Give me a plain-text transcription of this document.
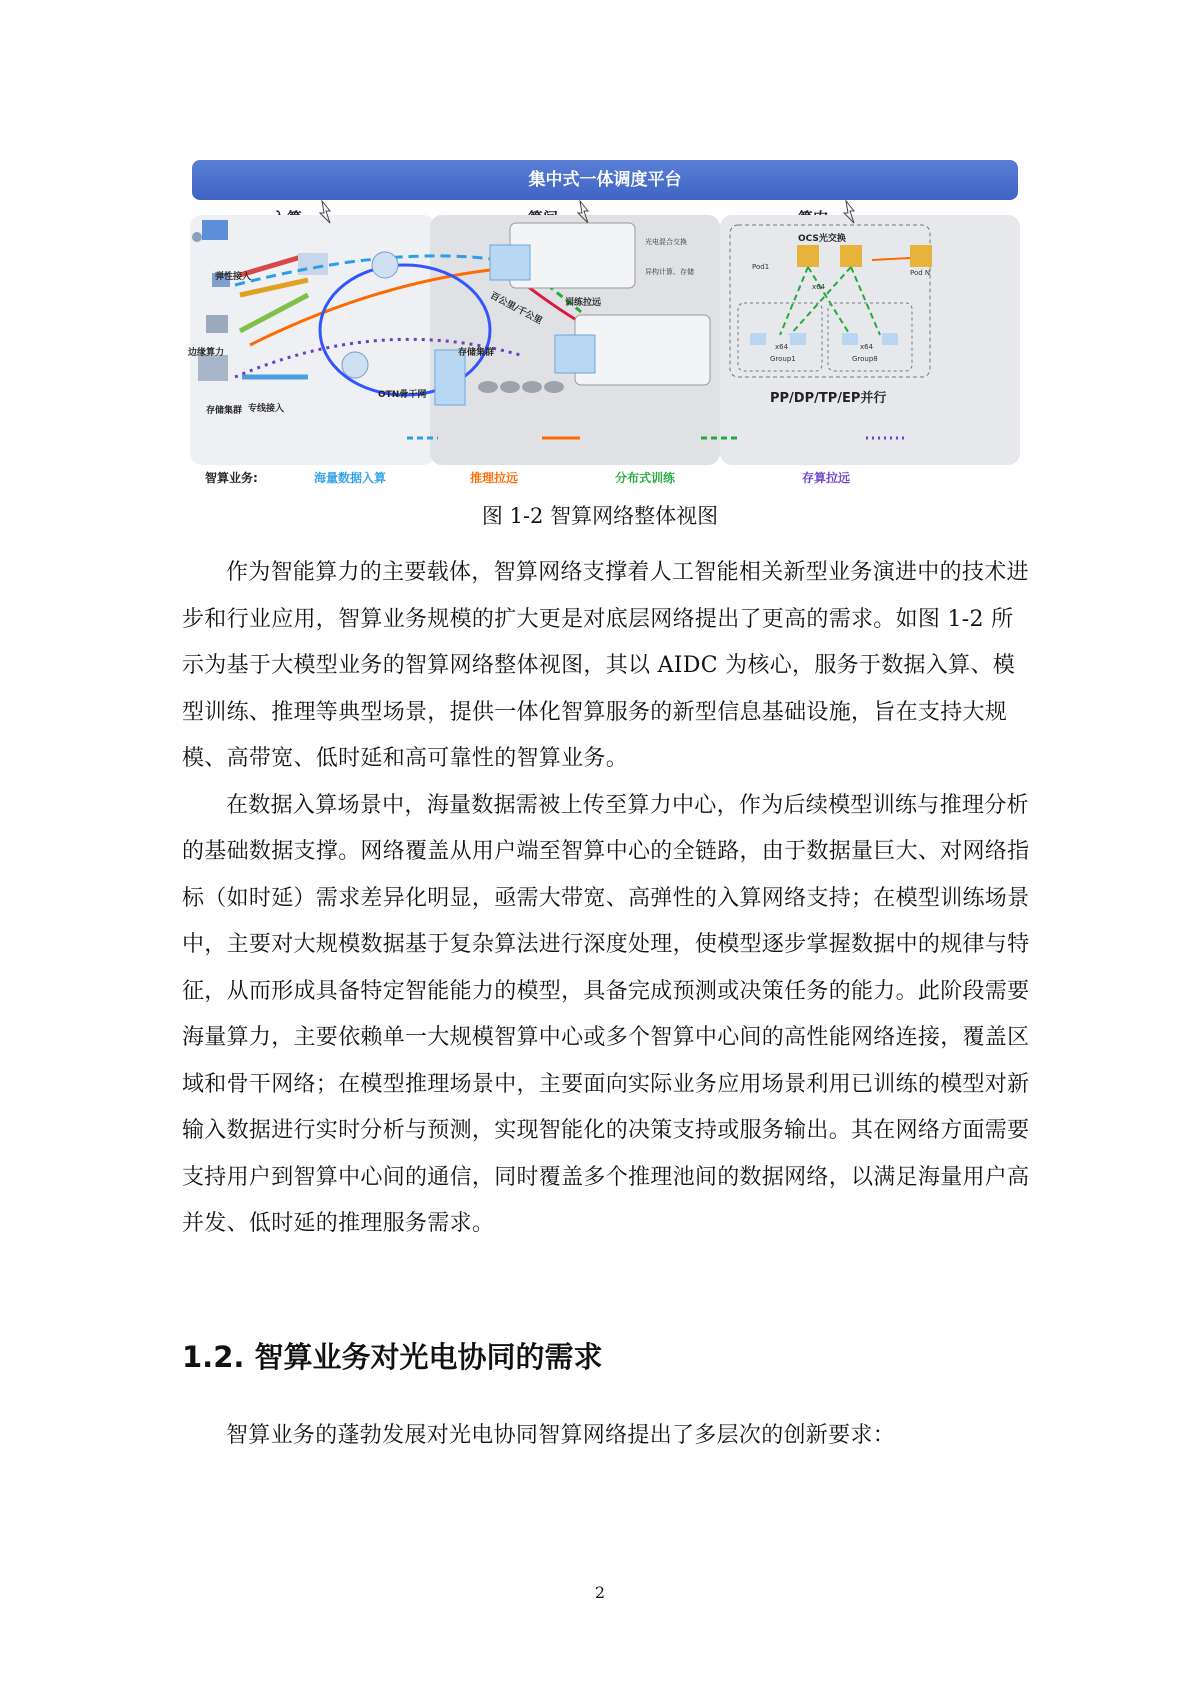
集中式一体调度平台
弹性接入
边缘算力
存储集群 专线接入
OTN骨干网
存储集群
百公里/千公里 训练拉远
光电混合交换
异构计算、存储
OCS光交换
Pod1
Pod N
x64
x64	x64
Group1	Group8
PP/DP/TP/EP并行
智算业务:	海量数据入算	推理拉远	分布式训练	存算拉远
图 1-2 智算网络整体视图

作为智能算力的主要载体，智算网络支撑着人工智能相关新型业务演进中的技术进步和行业应用，智算业务规模的扩大更是对底层网络提出了更高的需求。如图 1-2 所示为基于大模型业务的智算网络整体视图，其以 AIDC 为核心，服务于数据入算、模型训练、推理等典型场景，提供一体化智算服务的新型信息基础设施，旨在支持大规模、高带宽、低时延和高可靠性的智算业务。

在数据入算场景中，海量数据需被上传至算力中心，作为后续模型训练与推理分析的基础数据支撑。网络覆盖从用户端至智算中心的全链路，由于数据量巨大、对网络指标（如时延）需求差异化明显，亟需大带宽、高弹性的入算网络支持；在模型训练场景中，主要对大规模数据基于复杂算法进行深度处理，使模型逐步掌握数据中的规律与特征，从而形成具备特定智能能力的模型，具备完成预测或决策任务的能力。此阶段需要海量算力，主要依赖单一大规模智算中心或多个智算中心间的高性能网络连接，覆盖区域和骨干网络；在模型推理场景中，主要面向实际业务应用场景利用已训练的模型对新输入数据进行实时分析与预测，实现智能化的决策支持或服务输出。其在网络方面需要支持用户到智算中心间的通信，同时覆盖多个推理池间的数据网络，以满足海量用户高并发、低时延的推理服务需求。

1.2. 智算业务对光电协同的需求

智算业务的蓬勃发展对光电协同智算网络提出了多层次的创新要求：

2
